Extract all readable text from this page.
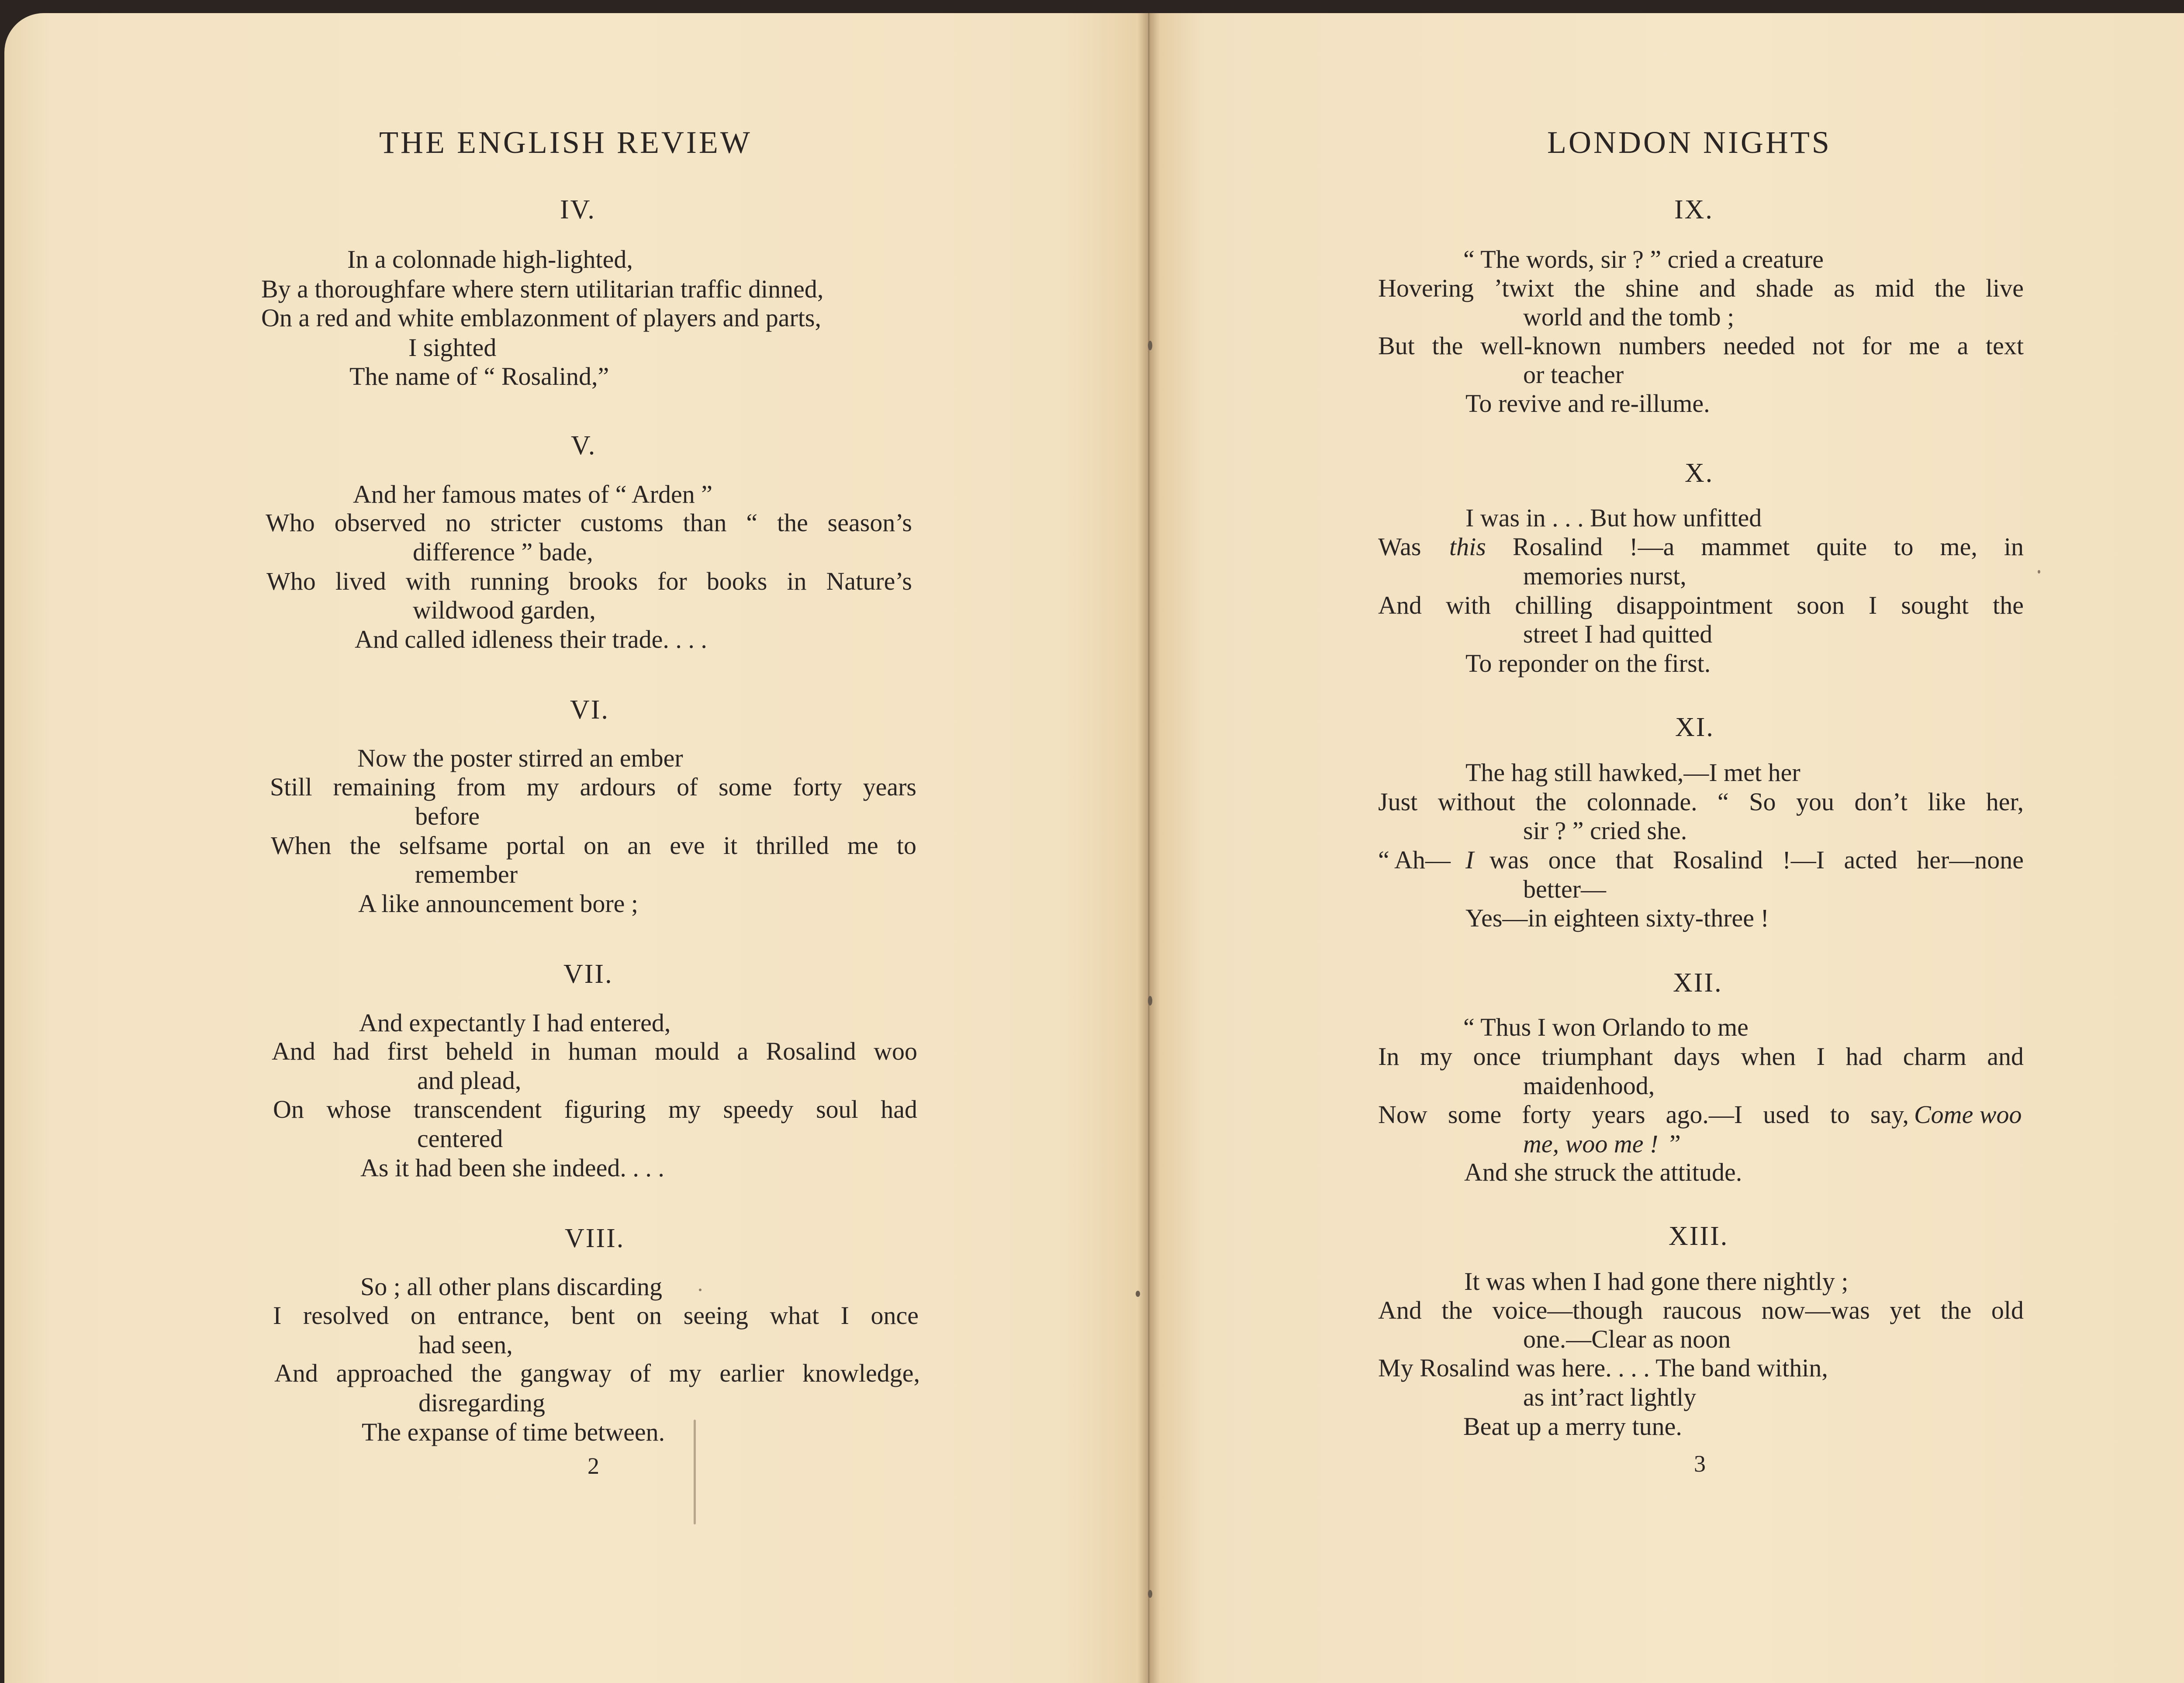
THE ENGLISH REVIEW
IV.
In a colonnade high-lighted,
By a thoroughfare where stern utilitarian traffic dinned,
On a red and white emblazonment of players and parts,
I sighted
The name of “ Rosalind,”
V.
And her famous mates of “ Arden ”
Who observed no stricter customs than “ the season’s
difference ” bade,
Who lived with running brooks for books in Nature’s
wildwood garden,
And called idleness their trade. . . .
VI.
Now the poster stirred an ember
Still remaining from my ardours of some forty years
before
When the selfsame portal on an eve it thrilled me to
remember
A like announcement bore ;
VII.
And expectantly I had entered,
And had first beheld in human mould a Rosalind woo
and plead,
On whose transcendent figuring my speedy soul had
centered
As it had been she indeed. . . .
VIII.
So ; all other plans discarding
I resolved on entrance, bent on seeing what I once
had seen,
And approached the gangway of my earlier knowledge,
disregarding
The expanse of time between.
2
LONDON NIGHTS
IX.
“ The words, sir ? ” cried a creature
Hovering ’twixt the shine and shade as mid the live
world and the tomb ;
But the well-known numbers needed not for me a text
or teacher
To revive and re-illume.
X.
I was in . . . But how unfitted
Was this Rosalind !—a mammet quite to me, in
memories nurst,
And with chilling disappointment soon I sought the
street I had quitted
To reponder on the first.
XI.
The hag still hawked,—I met her
Just without the colonnade. “ So you don’t like her,
sir ? ” cried she.
“ Ah— I was once that Rosalind !—I acted her—none
better—
Yes—in eighteen sixty-three !
XII.
“ Thus I won Orlando to me
In my once triumphant days when I had charm and
maidenhood,
Now some forty years ago.—I used to say, Come woo
me, woo me ! ”
And she struck the attitude.
XIII.
It was when I had gone there nightly ;
And the voice—though raucous now—was yet the old
one.—Clear as noon
My Rosalind was here. . . . The band within,
as int’ract lightly
Beat up a merry tune.
3
